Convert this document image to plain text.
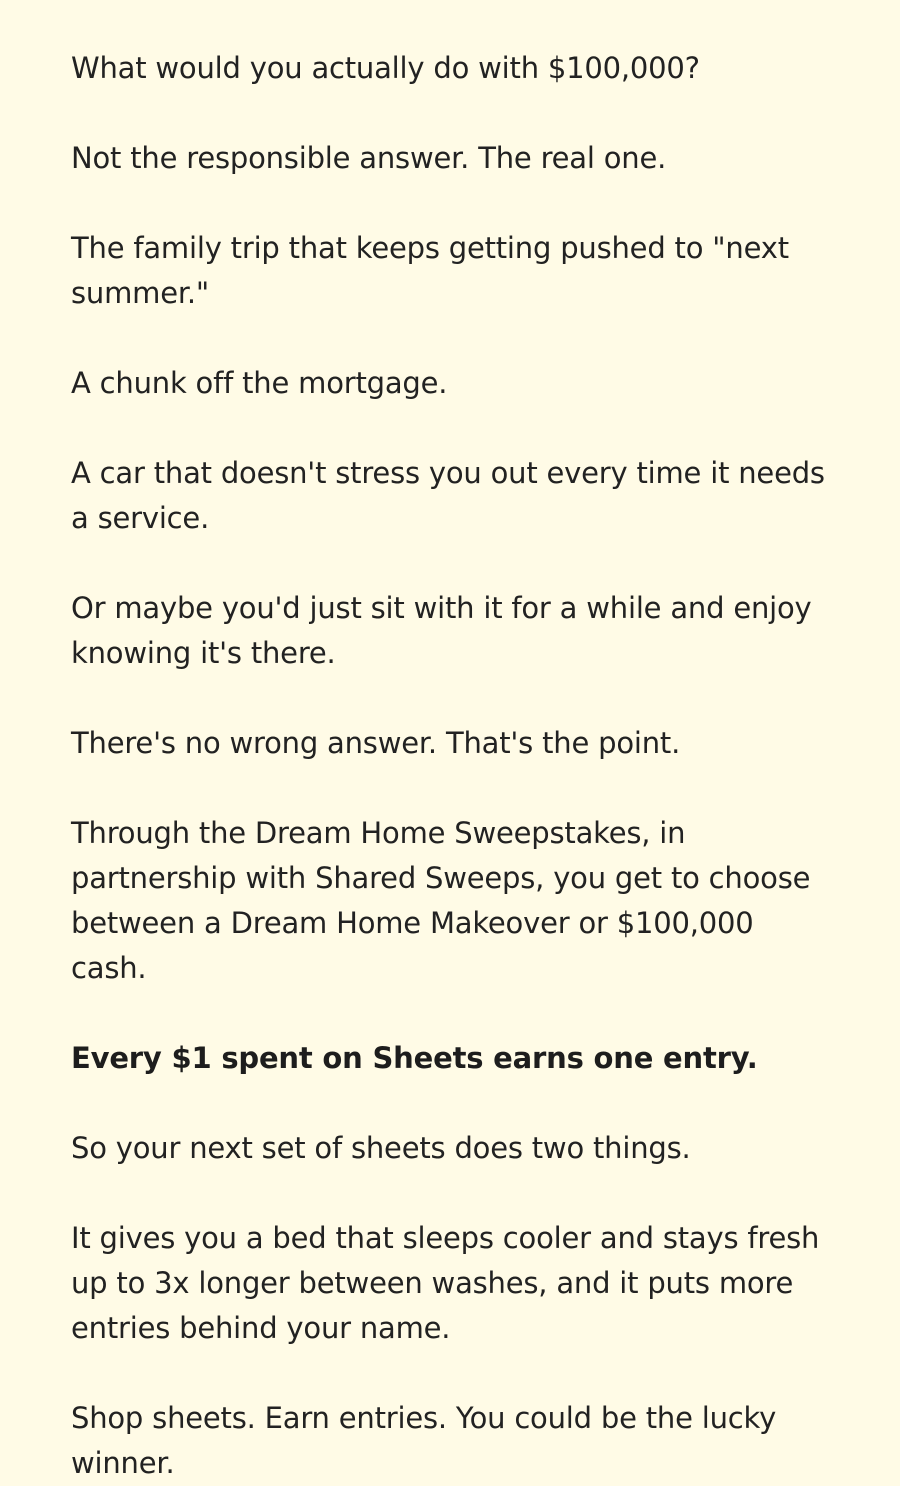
What would you actually do with $100,000?

Not the responsible answer. The real one.

The family trip that keeps getting pushed to "next summer."

A chunk off the mortgage.

A car that doesn't stress you out every time it needs a service.

Or maybe you'd just sit with it for a while and enjoy knowing it's there.

There's no wrong answer. That's the point.

Through the Dream Home Sweepstakes, in partnership with Shared Sweeps, you get to choose between a Dream Home Makeover or $100,000 cash.

Every $1 spent on Sheets earns one entry.

So your next set of sheets does two things.

It gives you a bed that sleeps cooler and stays fresh up to 3x longer between washes, and it puts more entries behind your name.

Shop sheets. Earn entries. You could be the lucky winner.
